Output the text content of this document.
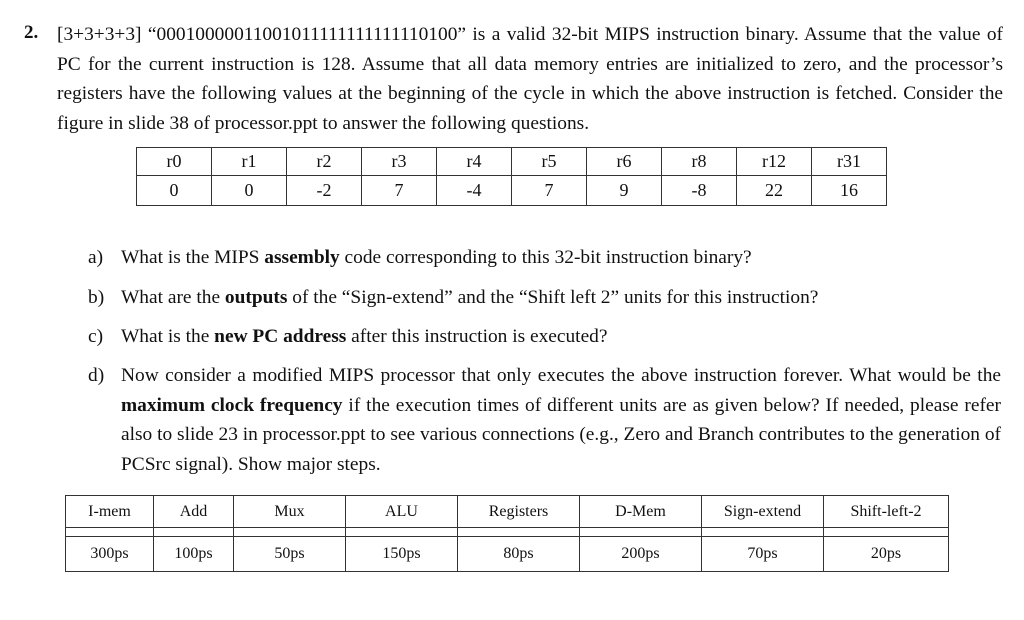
2. [3+3+3+3] “00010000011001011111111111110100” is a valid 32-bit MIPS instruction binary. Assume that the value of PC for the current instruction is 128. Assume that all data memory entries are initialized to zero, and the processor’s registers have the following values at the beginning of the cycle in which the above instruction is fetched. Consider the figure in slide 38 of processor.ppt to answer the following questions.
r0	r1	r2	r3	r4	r5	r6	r8	r12	r31
0	0	-2	7	-4	7	9	-8	22	16
a) What is the MIPS assembly code corresponding to this 32-bit instruction binary?
b) What are the outputs of the “Sign-extend” and the “Shift left 2” units for this instruction?
c) What is the new PC address after this instruction is executed?
d) Now consider a modified MIPS processor that only executes the above instruction forever. What would be the maximum clock frequency if the execution times of different units are as given below? If needed, please refer also to slide 23 in processor.ppt to see various connections (e.g., Zero and Branch contributes to the generation of PCSrc signal). Show major steps.
I-mem	Add	Mux	ALU	Registers	D-Mem	Sign-extend	Shift-left-2

300ps	100ps	50ps	150ps	80ps	200ps	70ps	20ps
